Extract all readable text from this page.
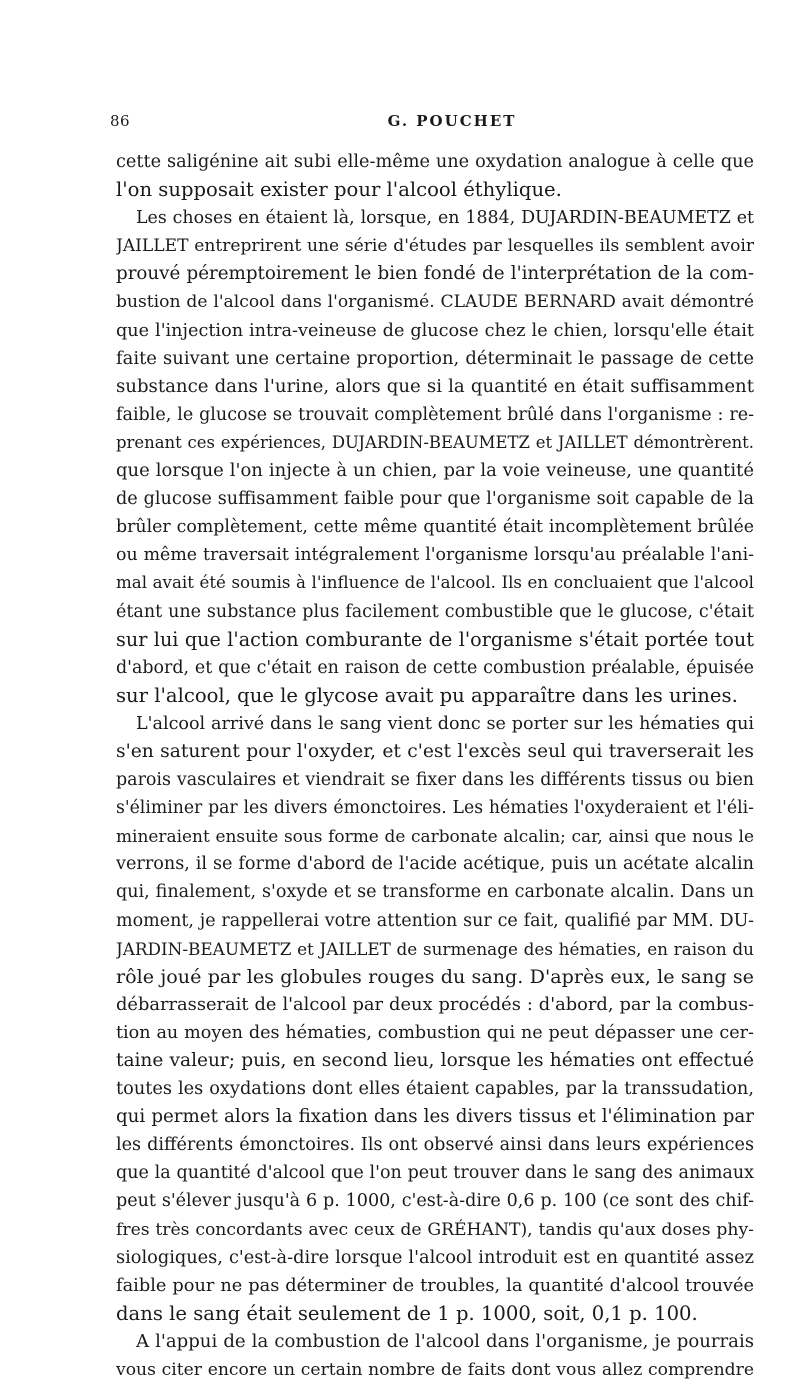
86	G. POUCHET
cette saligénine ait subi elle-même une oxydation analogue à celle que
l'on supposait exister pour l'alcool éthylique.
Les choses en étaient là, lorsque, en 1884, DUJARDIN-BEAUMETZ et
JAILLET entreprirent une série d'études par lesquelles ils semblent avoir
prouvé péremptoirement le bien fondé de l'interprétation de la com-
bustion de l'alcool dans l'organismé. CLAUDE BERNARD avait démontré
que l'injection intra-veineuse de glucose chez le chien, lorsqu'elle était
faite suivant une certaine proportion, déterminait le passage de cette
substance dans l'urine, alors que si la quantité en était suffisamment
faible, le glucose se trouvait complètement brûlé dans l'organisme : re-
prenant ces expériences, DUJARDIN-BEAUMETZ et JAILLET démontrèrent.
que lorsque l'on injecte à un chien, par la voie veineuse, une quantité
de glucose suffisamment faible pour que l'organisme soit capable de la
brûler complètement, cette même quantité était incomplètement brûlée
ou même traversait intégralement l'organisme lorsqu'au préalable l'ani-
mal avait été soumis à l'influence de l'alcool. Ils en concluaient que l'alcool
étant une substance plus facilement combustible que le glucose, c'était
sur lui que l'action comburante de l'organisme s'était portée tout
d'abord, et que c'était en raison de cette combustion préalable, épuisée
sur l'alcool, que le glycose avait pu apparaître dans les urines.
L'alcool arrivé dans le sang vient donc se porter sur les hématies qui
s'en saturent pour l'oxyder, et c'est l'excès seul qui traverserait les
parois vasculaires et viendrait se fixer dans les différents tissus ou bien
s'éliminer par les divers émonctoires. Les hématies l'oxyderaient et l'éli-
mineraient ensuite sous forme de carbonate alcalin; car, ainsi que nous le
verrons, il se forme d'abord de l'acide acétique, puis un acétate alcalin
qui, finalement, s'oxyde et se transforme en carbonate alcalin. Dans un
moment, je rappellerai votre attention sur ce fait, qualifié par MM. DU-
JARDIN-BEAUMETZ et JAILLET de surmenage des hématies, en raison du
rôle joué par les globules rouges du sang. D'après eux, le sang se
débarrasserait de l'alcool par deux procédés : d'abord, par la combus-
tion au moyen des hématies, combustion qui ne peut dépasser une cer-
taine valeur; puis, en second lieu, lorsque les hématies ont effectué
toutes les oxydations dont elles étaient capables, par la transsudation,
qui permet alors la fixation dans les divers tissus et l'élimination par
les différents émonctoires. Ils ont observé ainsi dans leurs expériences
que la quantité d'alcool que l'on peut trouver dans le sang des animaux
peut s'élever jusqu'à 6 p. 1000, c'est-à-dire 0,6 p. 100 (ce sont des chif-
fres très concordants avec ceux de GRÉHANT), tandis qu'aux doses phy-
siologiques, c'est-à-dire lorsque l'alcool introduit est en quantité assez
faible pour ne pas déterminer de troubles, la quantité d'alcool trouvée
dans le sang était seulement de 1 p. 1000, soit, 0,1 p. 100.
A l'appui de la combustion de l'alcool dans l'organisme, je pourrais
vous citer encore un certain nombre de faits dont vous allez comprendre
